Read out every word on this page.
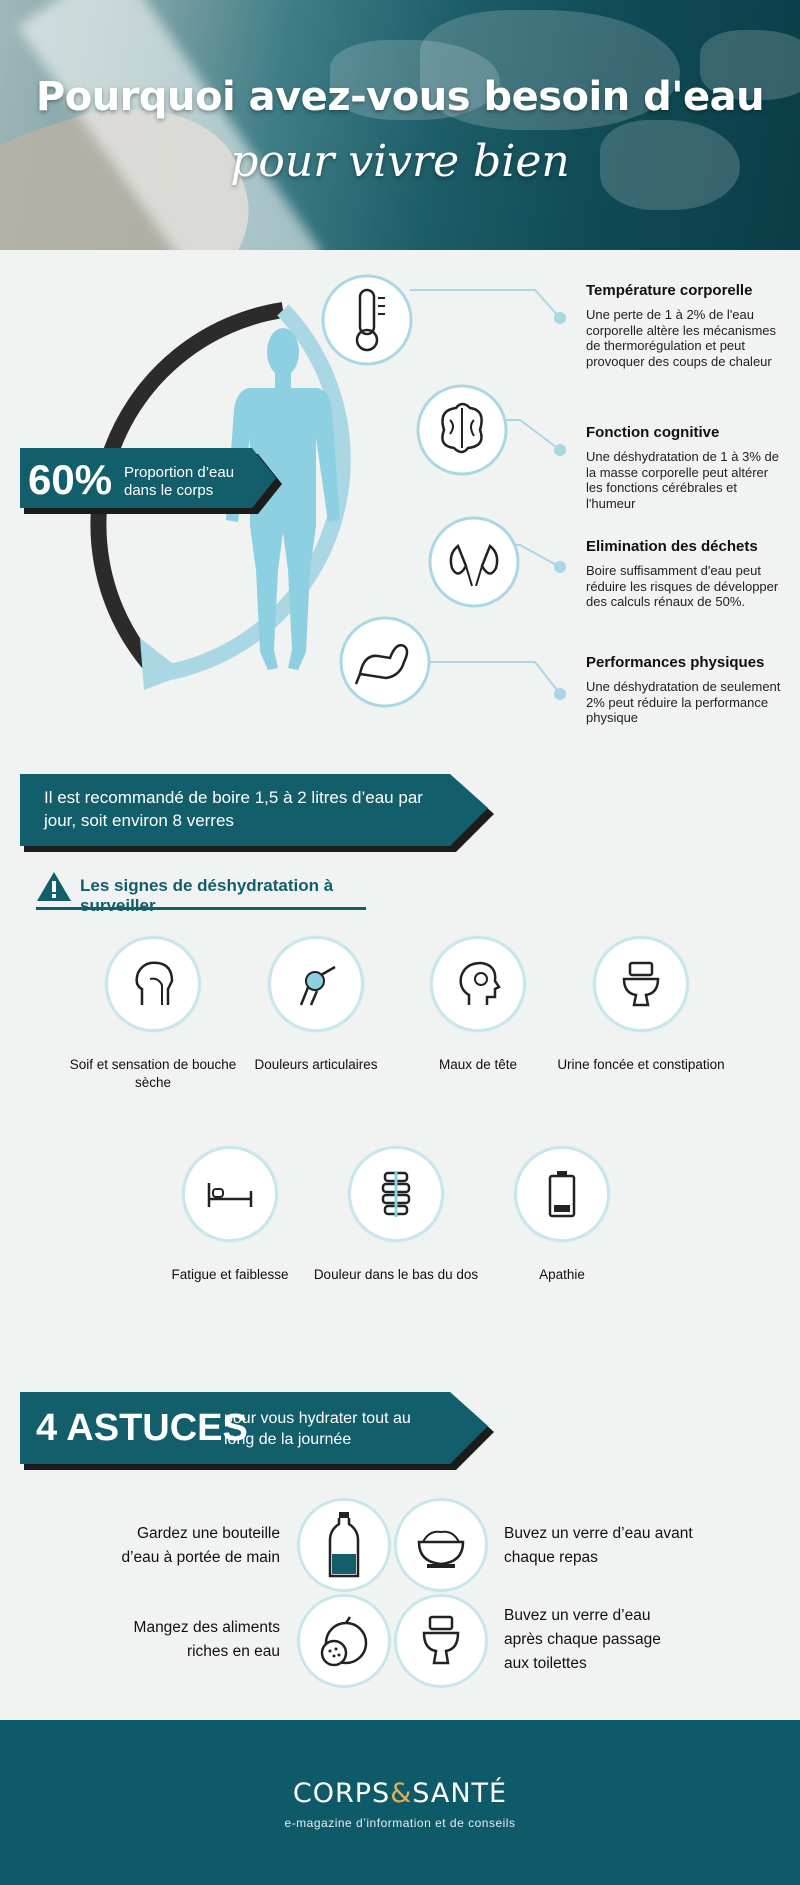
Pourquoi avez-vous besoin d'eau
pour vivre bien
60% Proportion d’eau dans le corps
Température corporelle

Une perte de 1 à 2% de l'eau corporelle altère les mécanismes de thermorégulation et peut provoquer des coups de chaleur

Fonction cognitive

Une déshydratation de 1 à 3% de la masse corporelle peut altérer les fonctions cérébrales et l'humeur

Elimination des déchets

Boire suffisamment d'eau peut réduire les risques de développer des calculs rénaux de 50%.

Performances physiques

Une déshydratation de seulement 2% peut réduire la performance physique

Il est recommandé de boire 1,5 à 2 litres d’eau par jour, soit environ 8 verres
Les signes de déshydratation à surveiller
Soif et sensation de bouche sèche
Douleurs articulaires	Maux de tête	Urine foncée et constipation
Fatigue et faiblesse	Douleur dans le bas du dos	Apathie
4 ASTUCES
pour vous hydrater tout au long de la journée
Gardez une bouteille d’eau à portée de main
Buvez un verre d’eau avant chaque repas
Mangez des aliments riches en eau
Buvez un verre d’eau après chaque passage aux toilettes
CORPS&SANTÉ
e-magazine d’information et de conseils
